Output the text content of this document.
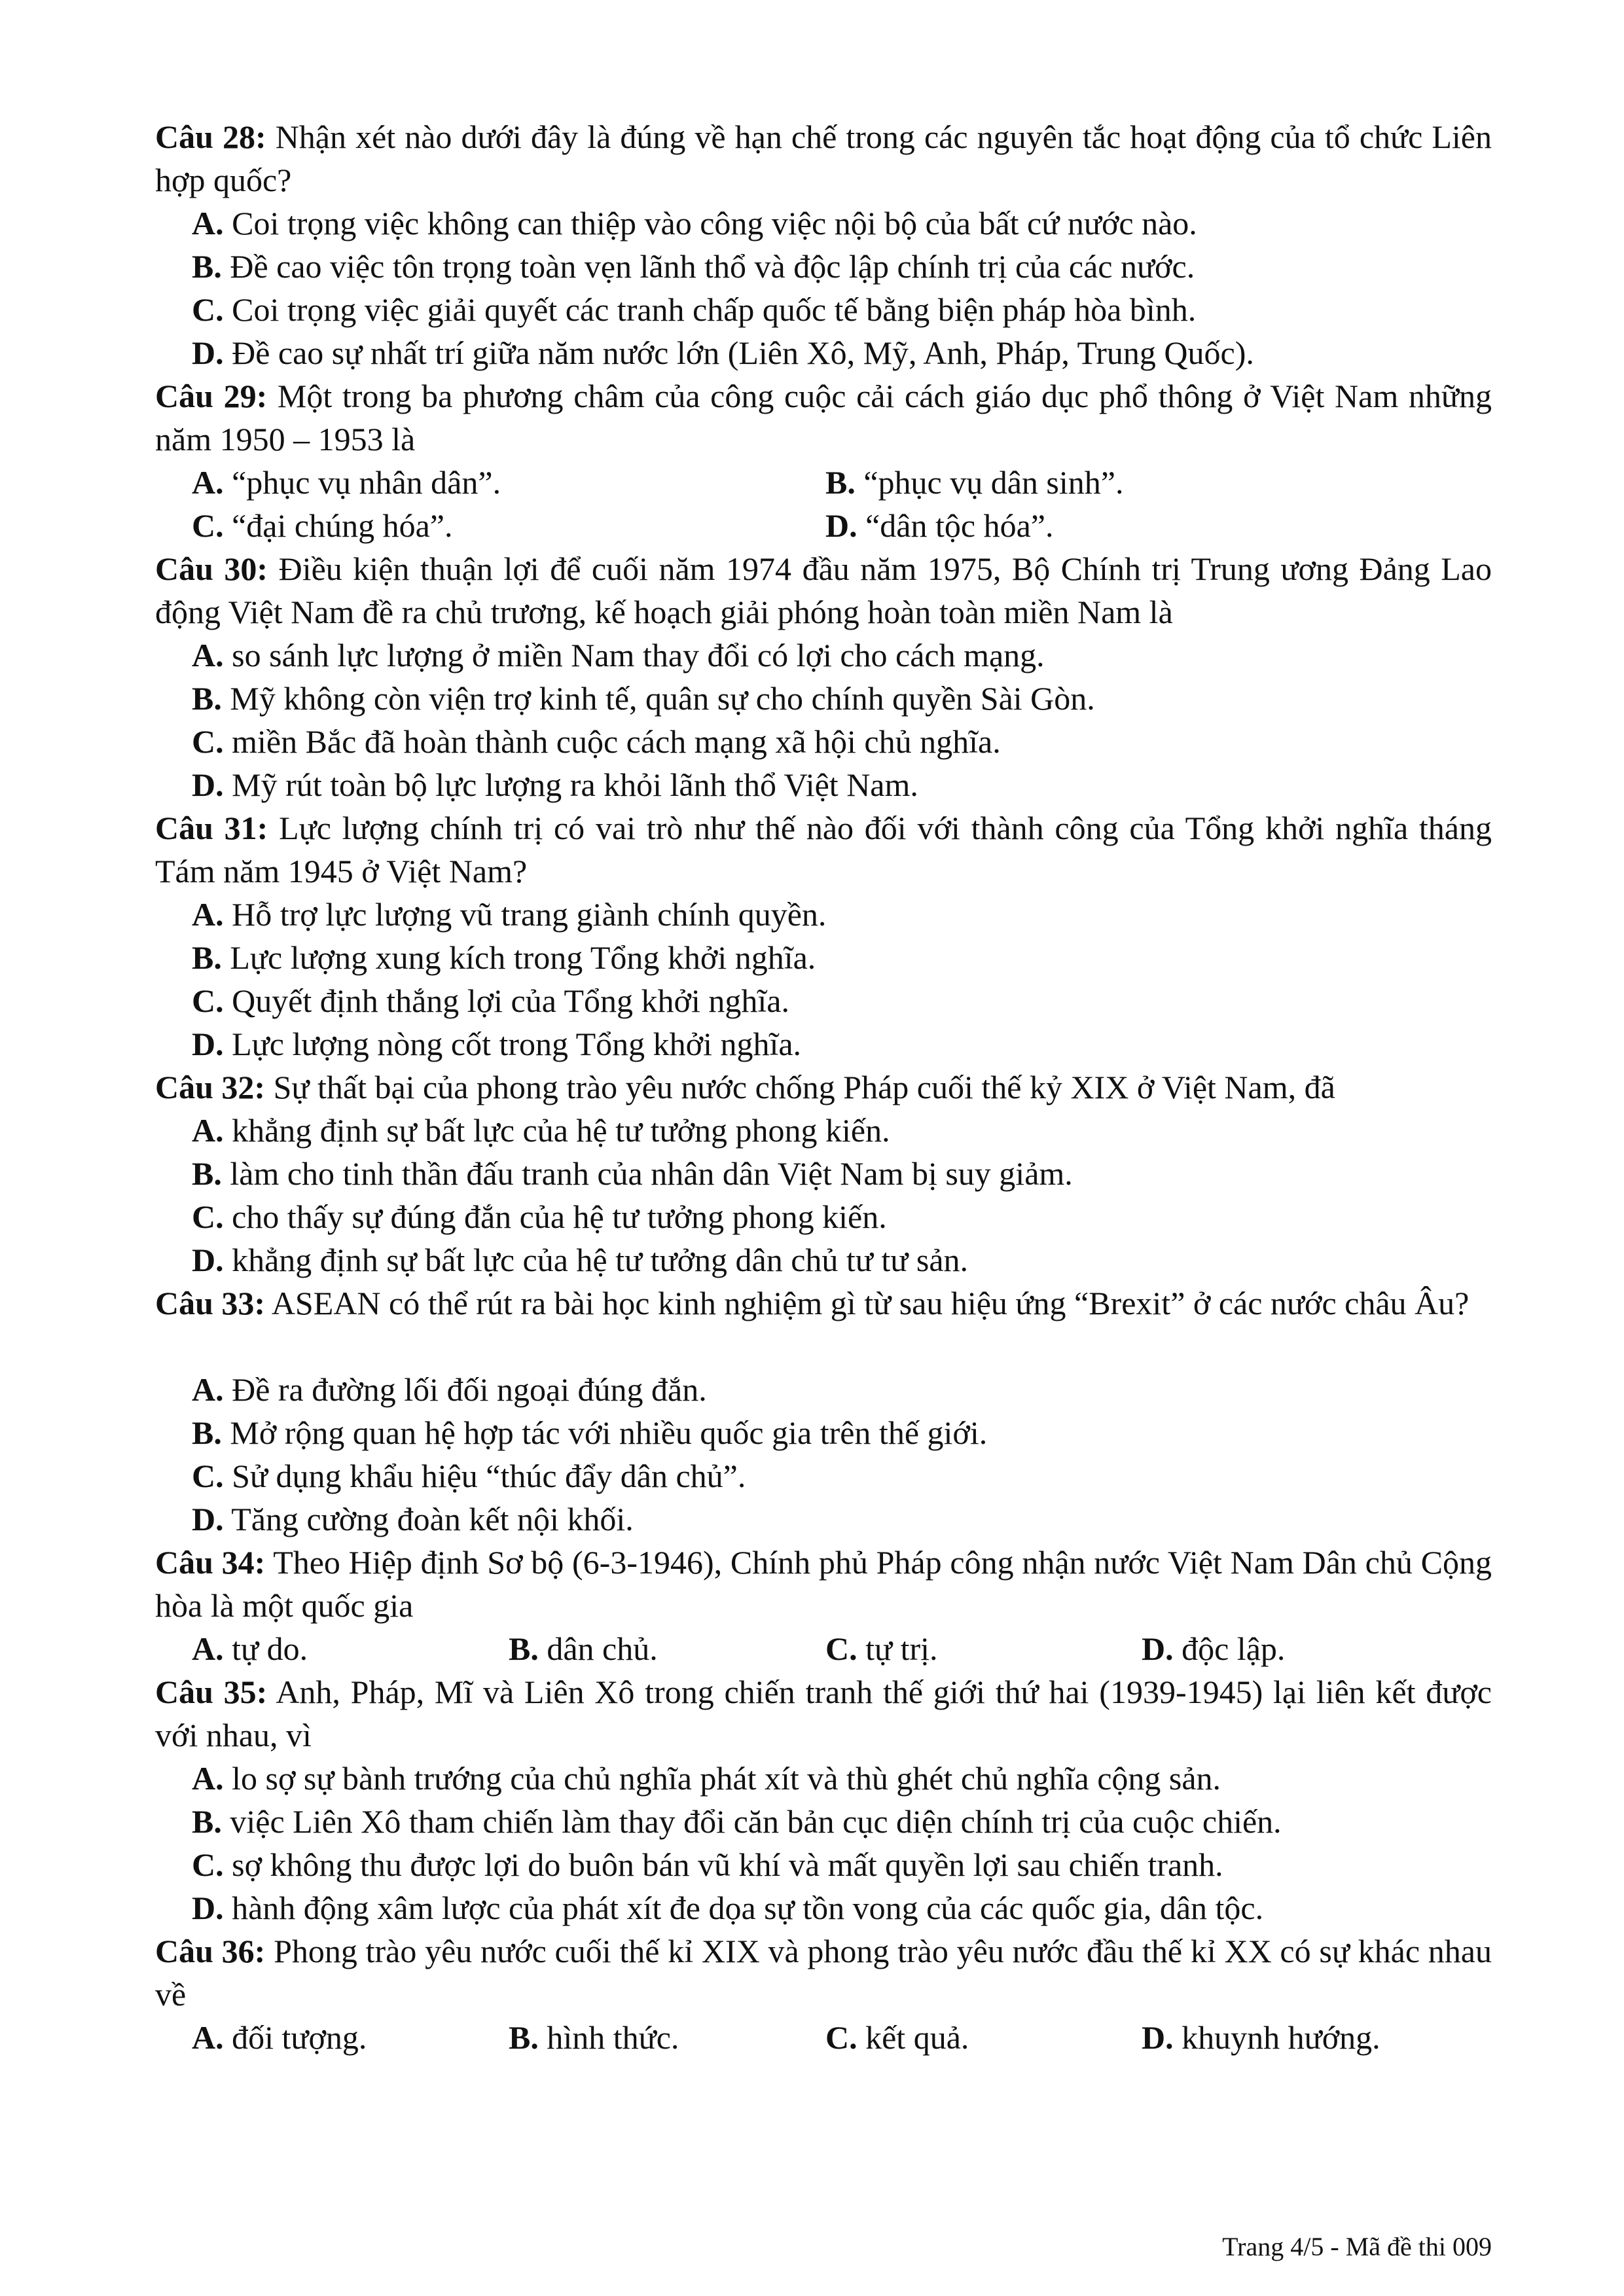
Câu 28: Nhận xét nào dưới đây là đúng về hạn chế trong các nguyên tắc hoạt động của tổ chức Liên hợp quốc?

A. Coi trọng việc không can thiệp vào công việc nội bộ của bất cứ nước nào.

B. Đề cao việc tôn trọng toàn vẹn lãnh thổ và độc lập chính trị của các nước.

C. Coi trọng việc giải quyết các tranh chấp quốc tế bằng biện pháp hòa bình.

D. Đề cao sự nhất trí giữa năm nước lớn (Liên Xô, Mỹ, Anh, Pháp, Trung Quốc).

Câu 29: Một trong ba phương châm của công cuộc cải cách giáo dục phổ thông ở Việt Nam những năm 1950 – 1953 là

A. “phục vụ nhân dân”.	B. “phục vụ dân sinh”.

C. “đại chúng hóa”.	D. “dân tộc hóa”.

Câu 30: Điều kiện thuận lợi để cuối năm 1974 đầu năm 1975, Bộ Chính trị Trung ương Đảng Lao động Việt Nam đề ra chủ trương, kế hoạch giải phóng hoàn toàn miền Nam là

A. so sánh lực lượng ở miền Nam thay đổi có lợi cho cách mạng.

B. Mỹ không còn viện trợ kinh tế, quân sự cho chính quyền Sài Gòn.

C. miền Bắc đã hoàn thành cuộc cách mạng xã hội chủ nghĩa.

D. Mỹ rút toàn bộ lực lượng ra khỏi lãnh thổ Việt Nam.

Câu 31: Lực lượng chính trị có vai trò như thế nào đối với thành công của Tổng khởi nghĩa tháng Tám năm 1945 ở Việt Nam?

A. Hỗ trợ lực lượng vũ trang giành chính quyền.

B. Lực lượng xung kích trong Tổng khởi nghĩa.

C. Quyết định thắng lợi của Tổng khởi nghĩa.

D. Lực lượng nòng cốt trong Tổng khởi nghĩa.

Câu 32: Sự thất bại của phong trào yêu nước chống Pháp cuối thế kỷ XIX ở Việt Nam, đã

A. khẳng định sự bất lực của hệ tư tưởng phong kiến.

B. làm cho tinh thần đấu tranh của nhân dân Việt Nam bị suy giảm.

C. cho thấy sự đúng đắn của hệ tư tưởng phong kiến.

D. khẳng định sự bất lực của hệ tư tưởng dân chủ tư tư sản.

Câu 33: ASEAN có thể rút ra bài học kinh nghiệm gì từ sau hiệu ứng “Brexit” ở các nước châu Âu?

A. Đề ra đường lối đối ngoại đúng đắn.

B. Mở rộng quan hệ hợp tác với nhiều quốc gia trên thế giới.

C. Sử dụng khẩu hiệu “thúc đẩy dân chủ”.

D. Tăng cường đoàn kết nội khối.

Câu 34: Theo Hiệp định Sơ bộ (6-3-1946), Chính phủ Pháp công nhận nước Việt Nam Dân chủ Cộng hòa là một quốc gia

A. tự do.	B. dân chủ.	C. tự trị.	D. độc lập.

Câu 35: Anh, Pháp, Mĩ và Liên Xô trong chiến tranh thế giới thứ hai (1939-1945) lại liên kết được với nhau, vì

A. lo sợ sự bành trướng của chủ nghĩa phát xít và thù ghét chủ nghĩa cộng sản.

B. việc Liên Xô tham chiến làm thay đổi căn bản cục diện chính trị của cuộc chiến.

C. sợ không thu được lợi do buôn bán vũ khí và mất quyền lợi sau chiến tranh.

D. hành động xâm lược của phát xít đe dọa sự tồn vong của các quốc gia, dân tộc.

Câu 36: Phong trào yêu nước cuối thế kỉ XIX và phong trào yêu nước đầu thế kỉ XX có sự khác nhau về

A. đối tượng.	B. hình thức.	C. kết quả.	D. khuynh hướng.

Trang 4/5 - Mã đề thi 009
